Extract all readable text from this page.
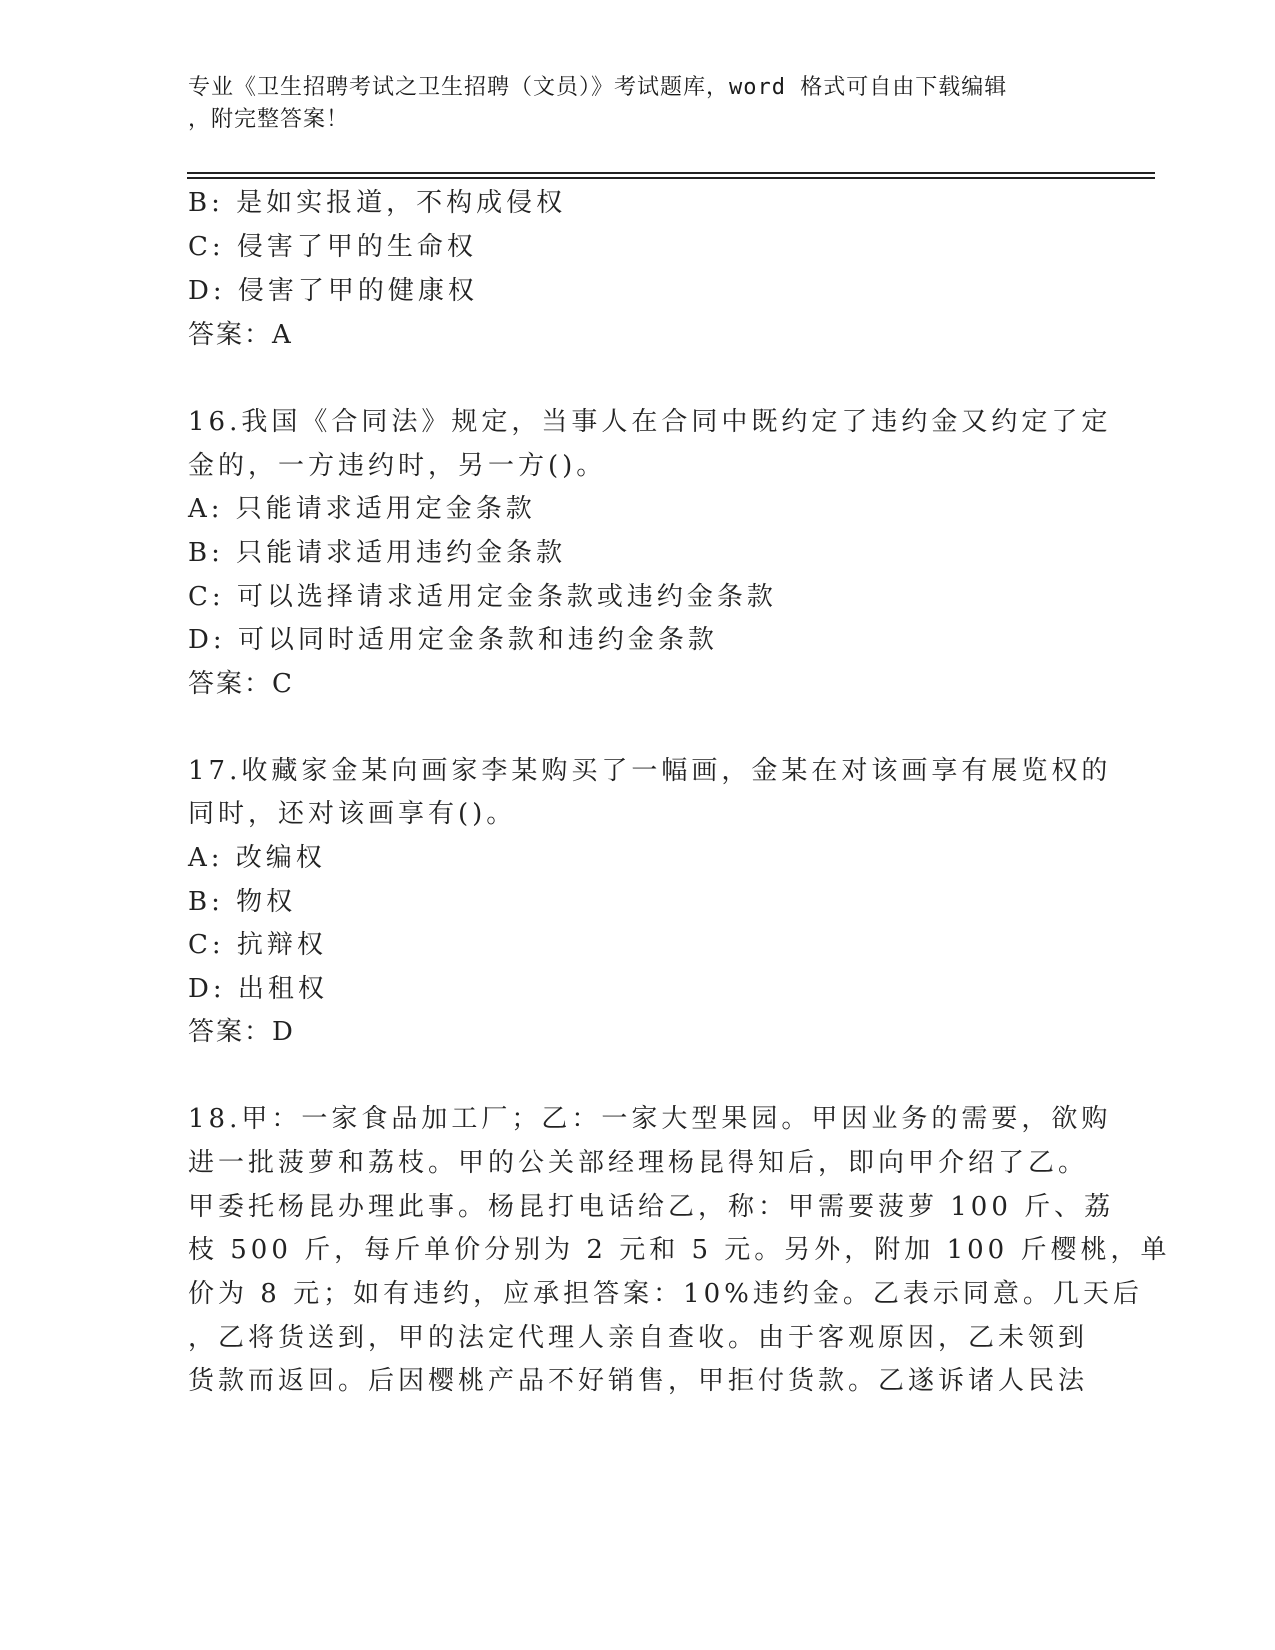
专业《卫生招聘考试之卫生招聘（文员）》考试题库，word 格式可自由下载编辑
，附完整答案！
B: 是如实报道，不构成侵权
C: 侵害了甲的生命权
D: 侵害了甲的健康权
答案：A
16.我国《合同法》规定，当事人在合同中既约定了违约金又约定了定
金的，一方违约时，另一方()。
A: 只能请求适用定金条款
B: 只能请求适用违约金条款
C: 可以选择请求适用定金条款或违约金条款
D: 可以同时适用定金条款和违约金条款
答案：C
17.收藏家金某向画家李某购买了一幅画，金某在对该画享有展览权的
同时，还对该画享有()。
A: 改编权
B: 物权
C: 抗辩权
D: 出租权
答案：D
18.甲：一家食品加工厂；乙：一家大型果园。甲因业务的需要，欲购
进一批菠萝和荔枝。甲的公关部经理杨昆得知后，即向甲介绍了乙。
甲委托杨昆办理此事。杨昆打电话给乙，称：甲需要菠萝 100 斤、荔
枝 500 斤，每斤单价分别为 2 元和 5 元。另外，附加 100 斤樱桃，单
价为 8 元；如有违约，应承担答案：10%违约金。乙表示同意。几天后
，乙将货送到，甲的法定代理人亲自查收。由于客观原因，乙未领到
货款而返回。后因樱桃产品不好销售，甲拒付货款。乙遂诉诸人民法
